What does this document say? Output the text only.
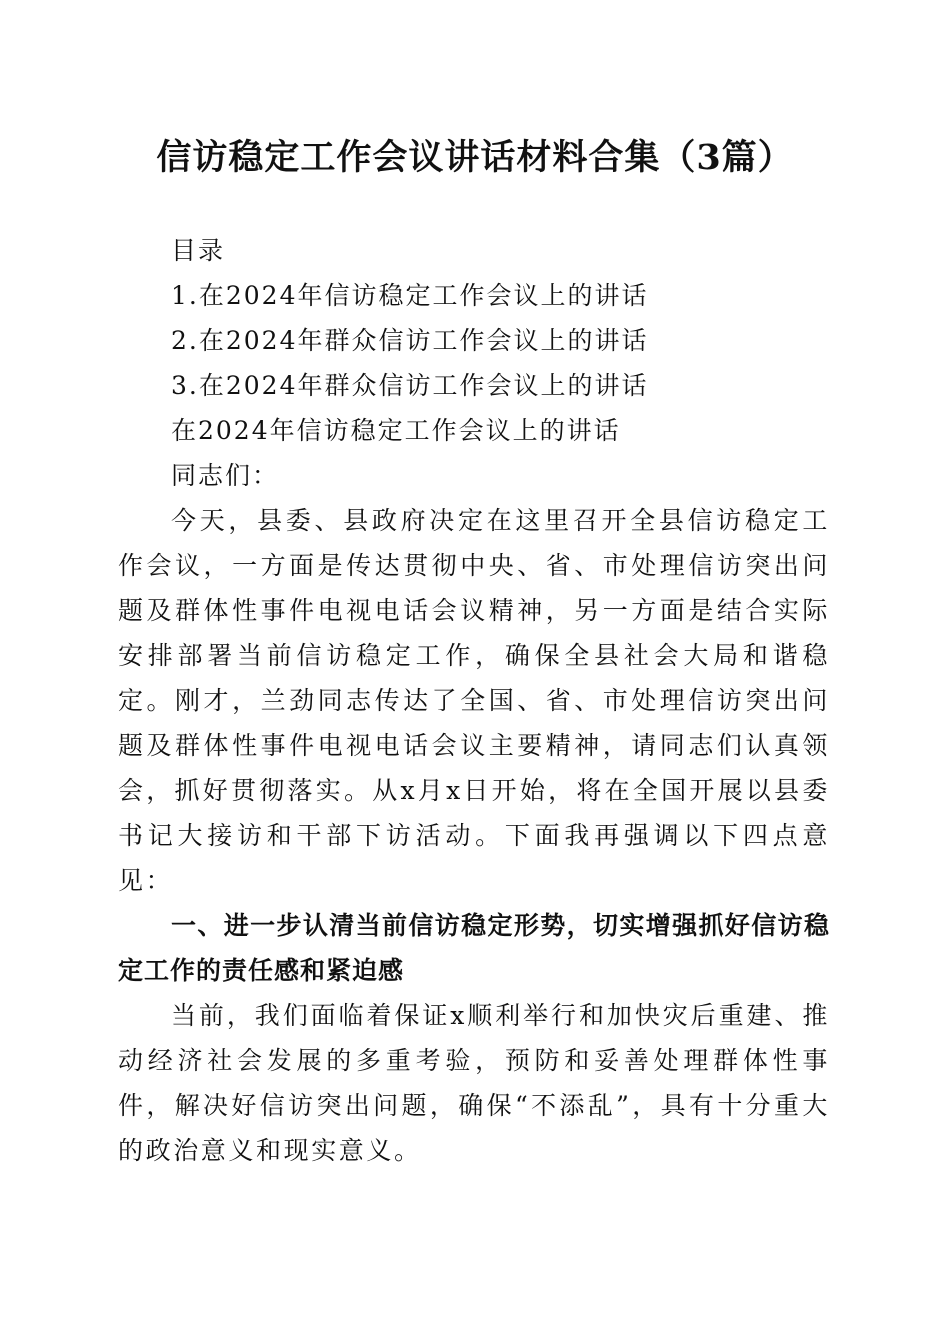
信访稳定工作会议讲话材料合集（3篇）

目录

1.在2024年信访稳定工作会议上的讲话

2.在2024年群众信访工作会议上的讲话

3.在2024年群众信访工作会议上的讲话

在2024年信访稳定工作会议上的讲话

同志们：

今天，县委、县政府决定在这里召开全县信访稳定工作会议，一方面是传达贯彻中央、省、市处理信访突出问题及群体性事件电视电话会议精神，另一方面是结合实际安排部署当前信访稳定工作，确保全县社会大局和谐稳定。刚才，兰劲同志传达了全国、省、市处理信访突出问题及群体性事件电视电话会议主要精神，请同志们认真领会，抓好贯彻落实。从x月x日开始，将在全国开展以县委书记大接访和干部下访活动。下面我再强调以下四点意见：

一、进一步认清当前信访稳定形势，切实增强抓好信访稳定工作的责任感和紧迫感

当前，我们面临着保证x顺利举行和加快灾后重建、推动经济社会发展的多重考验，预防和妥善处理群体性事件，解决好信访突出问题，确保“不添乱”，具有十分重大的政治意义和现实意义。
